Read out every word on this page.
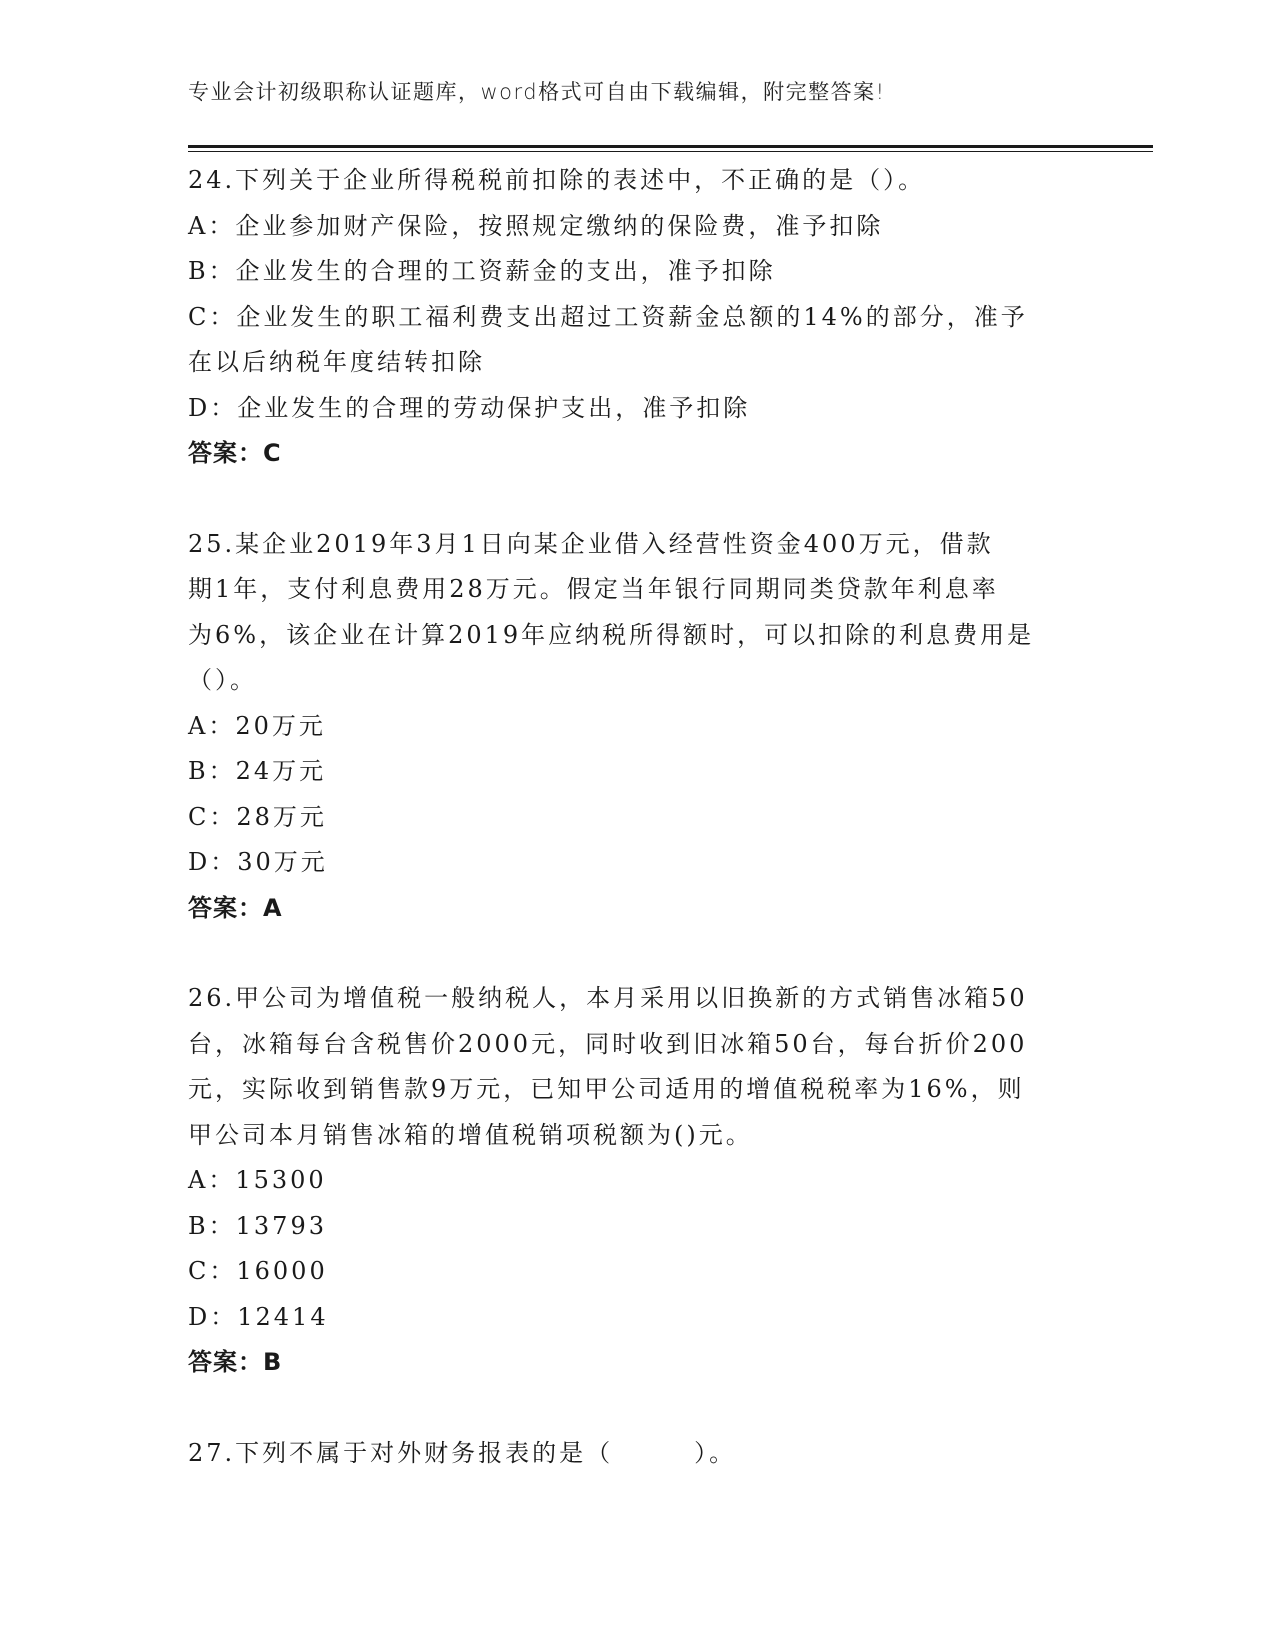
专业会计初级职称认证题库，word格式可自由下载编辑，附完整答案!
24.下列关于企业所得税税前扣除的表述中，不正确的是（）。
A：企业参加财产保险，按照规定缴纳的保险费，准予扣除
B：企业发生的合理的工资薪金的支出，准予扣除
C：企业发生的职工福利费支出超过工资薪金总额的14%的部分，准予
在以后纳税年度结转扣除
D：企业发生的合理的劳动保护支出，准予扣除
答案：C
25.某企业2019年3月1日向某企业借入经营性资金400万元，借款
期1年，支付利息费用28万元。假定当年银行同期同类贷款年利息率
为6%，该企业在计算2019年应纳税所得额时，可以扣除的利息费用是
（）。
A：20万元
B：24万元
C：28万元
D：30万元
答案：A
26.甲公司为增值税一般纳税人，本月采用以旧换新的方式销售冰箱50
台，冰箱每台含税售价2000元，同时收到旧冰箱50台，每台折价200
元，实际收到销售款9万元，已知甲公司适用的增值税税率为16%，则
甲公司本月销售冰箱的增值税销项税额为()元。
A：15300
B：13793
C：16000
D：12414
答案：B
27.下列不属于对外财务报表的是（　　　）。
